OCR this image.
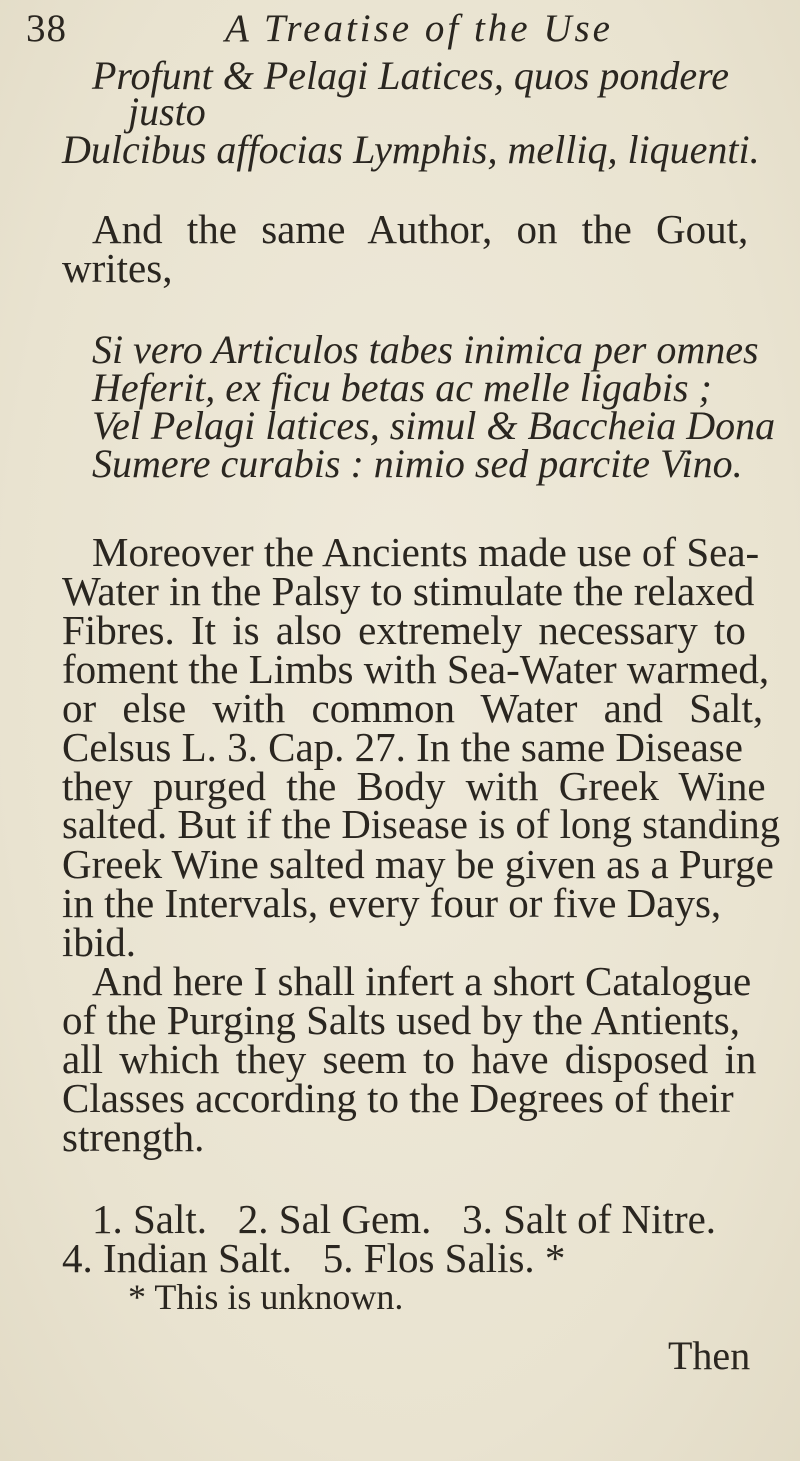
38	A Treatise of the Use

Profunt & Pelagi Latices, quos pondere

justo

Dulcibus affocias Lymphis, melliq, liquenti.

And the same Author, on the Gout,

writes,

Si vero Articulos tabes inimica per omnes

Heferit, ex ficu betas ac melle ligabis ;

Vel Pelagi latices, simul & Baccheia Dona

Sumere curabis : nimio sed parcite Vino.

Moreover the Ancients made use of Sea-

Water in the Palsy to stimulate the relaxed

Fibres. It is also extremely necessary to

foment the Limbs with Sea-Water warmed,

or else with common Water and Salt,

Celsus L. 3. Cap. 27. In the same Disease

they purged the Body with Greek Wine

salted. But if the Disease is of long standing

Greek Wine salted may be given as a Purge

in the Intervals, every four or five Days,

ibid.

And here I shall infert a short Catalogue

of the Purging Salts used by the Antients,

all which they seem to have disposed in

Classes according to the Degrees of their

strength.

1. Salt.   2. Sal Gem.   3. Salt of Nitre.

4. Indian Salt.   5. Flos Salis. *

* This is unknown.

Then
